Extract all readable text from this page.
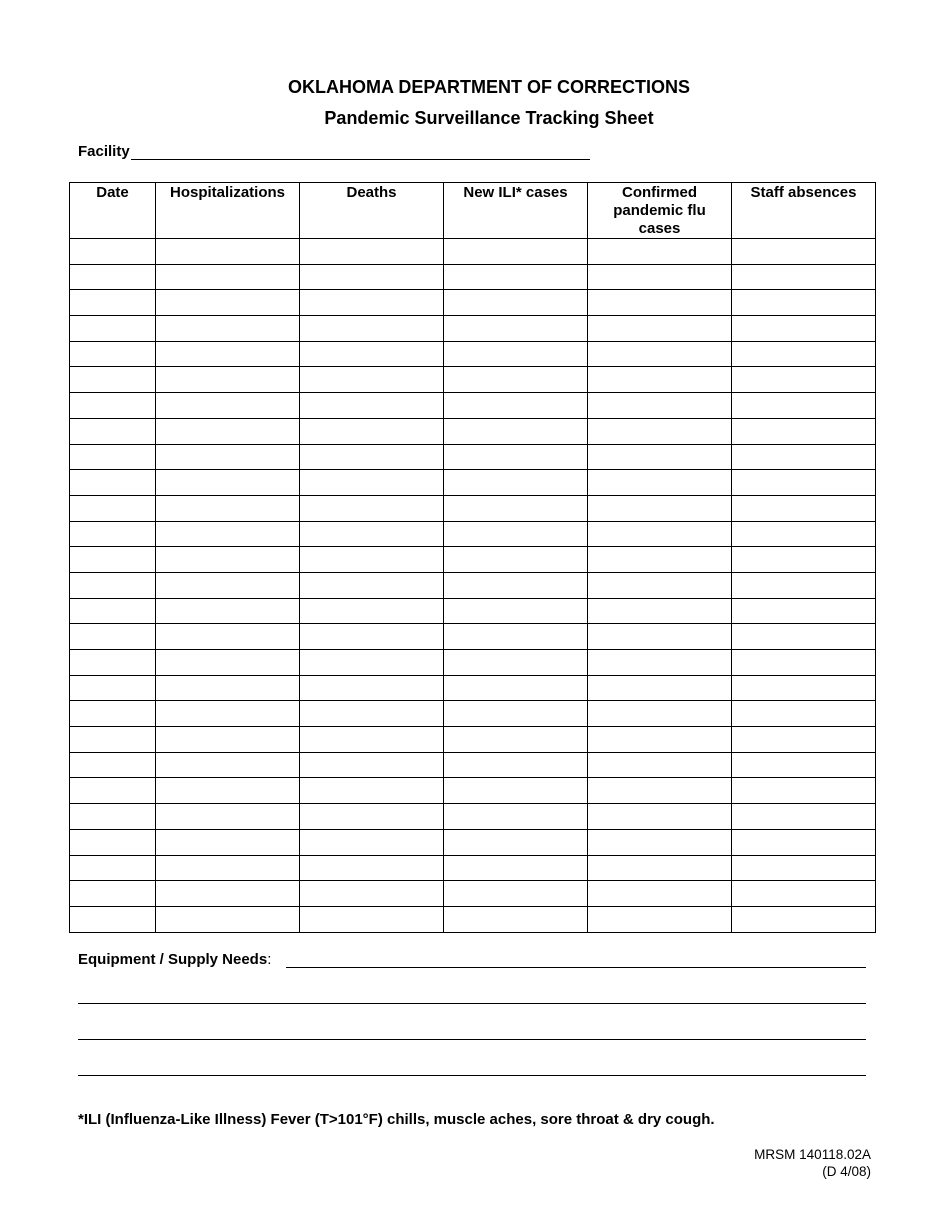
OKLAHOMA DEPARTMENT OF CORRECTIONS
Pandemic Surveillance Tracking Sheet
Facility
Date	Hospitalizations	Deaths	New ILI* cases	Confirmed pandemic flu cases	Staff absences

Equipment / Supply Needs:
*ILI (Influenza-Like Illness) Fever (T>101°F) chills, muscle aches, sore throat & dry cough.
MRSM 140118.02A
(D 4/08)
